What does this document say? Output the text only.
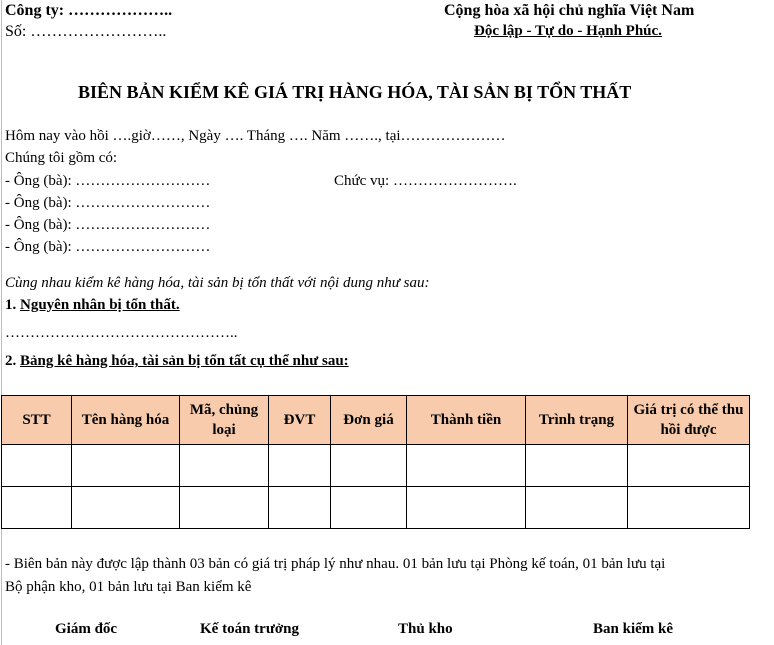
Công ty: ………………..
Số: ……………………..
Cộng hòa xã hội chủ nghĩa Việt Nam
Độc lập - Tự do - Hạnh Phúc.
BIÊN BẢN KIỂM KÊ GIÁ TRỊ HÀNG HÓA, TÀI SẢN BỊ TỔN THẤT
Hôm nay vào hồi ….giờ……, Ngày …. Tháng …. Năm ……., tại…………………
Chúng tôi gồm có:
- Ông (bà): ………………………	Chức vụ: …………………….
- Ông (bà): ………………………
- Ông (bà): ………………………
- Ông (bà): ………………………
Cùng nhau kiểm kê hàng hóa, tài sản bị tổn thất với nội dung như sau:
1. Nguyên nhân bị tổn thất.
………………………………………..
2. Bảng kê hàng hóa, tài sản bị tổn tất cụ thể như sau:
STT	Tên hàng hóa	Mã, chủng loại	ĐVT	Đơn giá	Thành tiền	Trình trạng	Giá trị có thể thu hồi được

- Biên bản này được lập thành 03 bản có giá trị pháp lý như nhau. 01 bản lưu tại Phòng kế toán, 01 bản lưu tại
Bộ phận kho, 01 bản lưu tại Ban kiểm kê
Giám đốc	Kế toán trưởng	Thủ kho	Ban kiểm kê
